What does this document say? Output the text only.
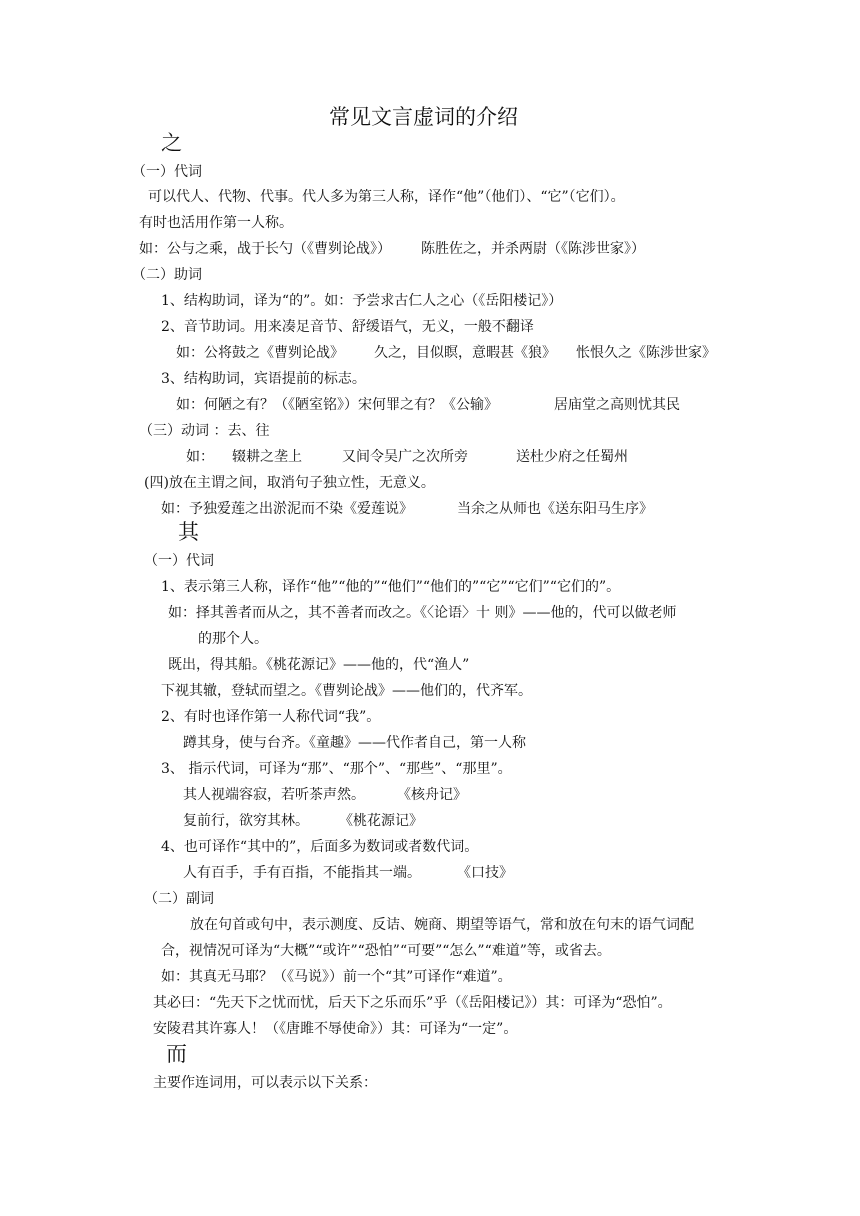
常见文言虚词的介绍
之
（一）代词
可以代人、代物、代事。代人多为第三人称，译作“他”（他们）、“它”（它们）。
有时也活用作第一人称。
如：公与之乘，战于长勺（《曹刿论战》） 陈胜佐之，并杀两尉（《陈涉世家》）
（二）助词
1、结构助词，译为“的”。如：予尝求古仁人之心（《岳阳楼记》）
2、音节助词。用来凑足音节、舒缓语气，无义，一般不翻译
如：公将鼓之《曹刿论战》 久之，目似瞑，意暇甚《狼》 怅恨久之《陈涉世家》
3、结构助词，宾语提前的标志。
如：何陋之有？（《陋室铭》）宋何罪之有？《公输》	居庙堂之高则忧其民
（三）动词 ：去、往
如： 辍耕之垄上	又间令吴广之次所旁	送杜少府之任蜀州
(四)放在主谓之间，取消句子独立性，无意义。
如：予独爱莲之出淤泥而不染《爱莲说》	当余之从师也《送东阳马生序》
其
（一）代词
1、表示第三人称，译作“他”“他的”“他们”“他们的”“它”“它们”“它们的”。
如：择其善者而从之，其不善者而改之。《〈论语〉十 则》——他的，代可以做老师
的那个人。
既出，得其船。《桃花源记》——他的，代“渔人”
下视其辙，登轼而望之。《曹刿论战》——他们的，代齐军。
2、有时也译作第一人称代词“我”。
蹲其身，使与台齐。《童趣》——代作者自己，第一人称
3、 指示代词，可译为“那”、“那个”、“那些”、“那里”。
其人视端容寂，若听茶声然。 《核舟记》
复前行，欲穷其林。 《桃花源记》
4、也可译作“其中的”，后面多为数词或者数代词。
人有百手，手有百指，不能指其一端。	《口技》
（二）副词
放在句首或句中，表示测度、反诘、婉商、期望等语气，常和放在句末的语气词配
合，视情况可译为“大概”“或许”“恐怕”“可要”“怎么”“难道”等，或省去。
如：其真无马耶？（《马说》）前一个“其”可译作“难道”。
其必曰：“先天下之忧而忧，后天下之乐而乐”乎（《岳阳楼记》）其：可译为“恐怕”。
安陵君其许寡人！（《唐雎不辱使命》）其：可译为“一定”。
而
主要作连词用，可以表示以下关系：
